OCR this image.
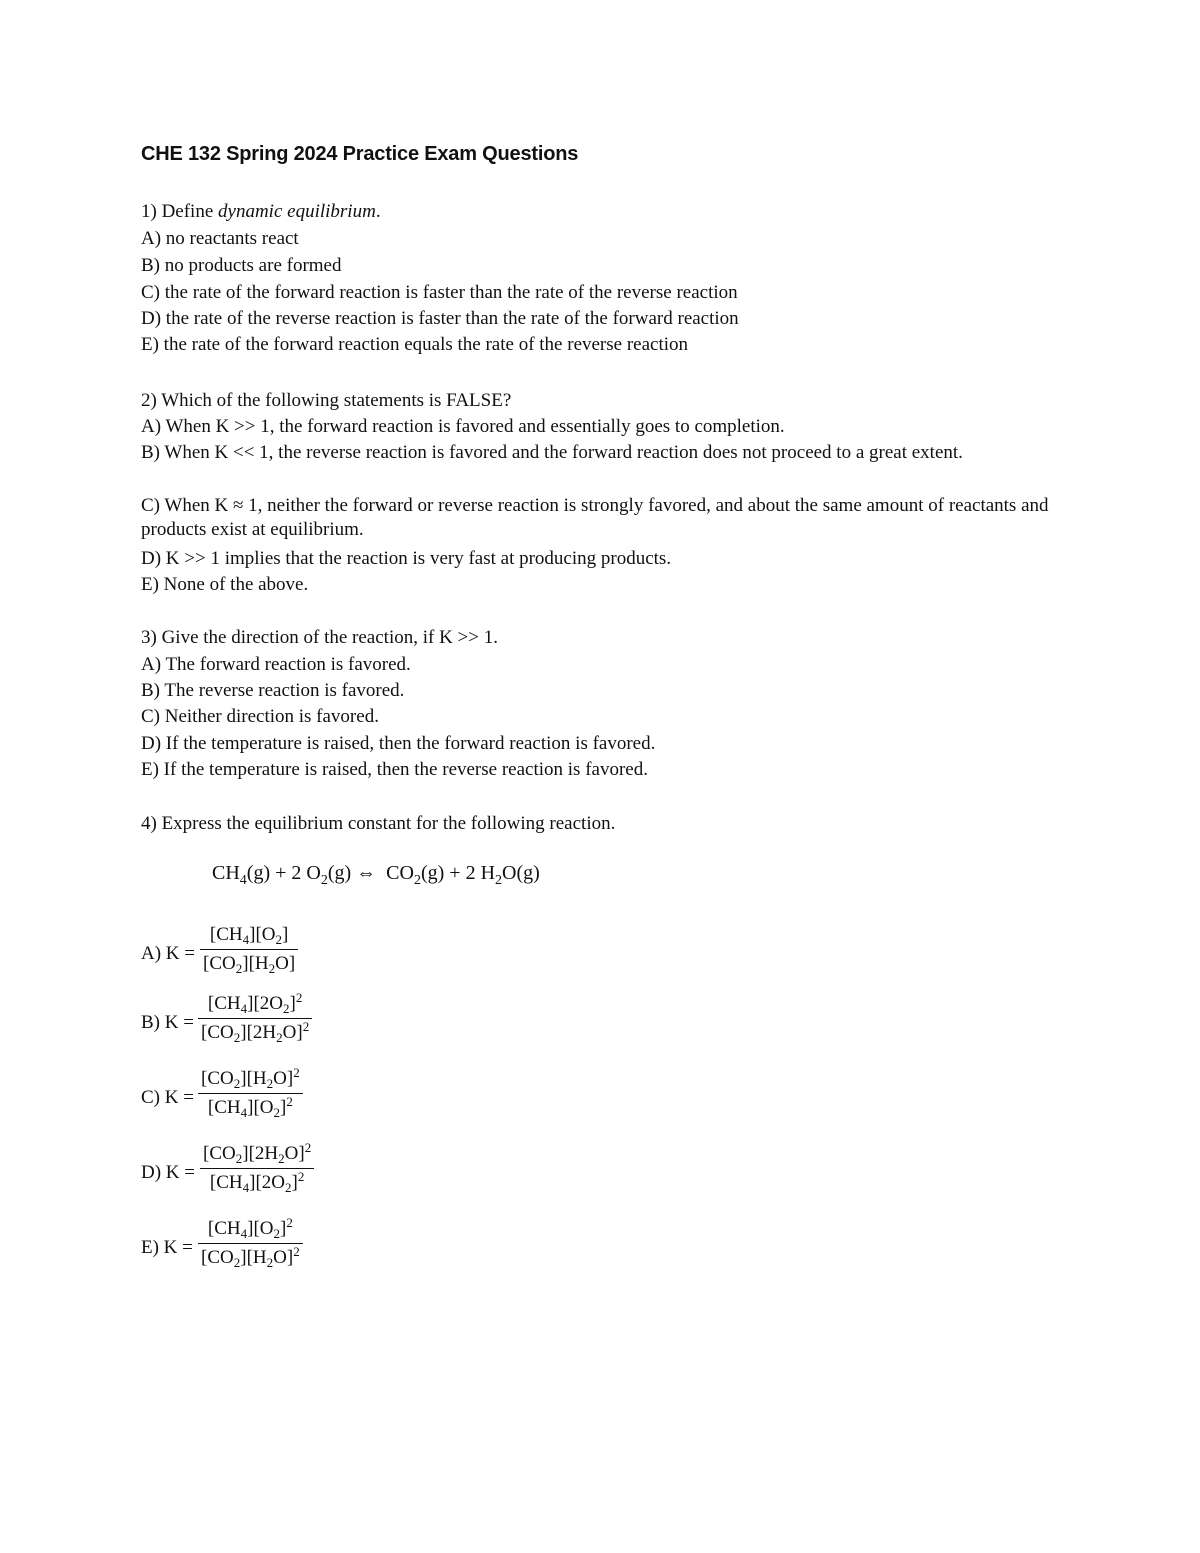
CHE 132 Spring 2024 Practice Exam Questions
1) Define dynamic equilibrium.
A) no reactants react
B) no products are formed
C) the rate of the forward reaction is faster than the rate of the reverse reaction
D) the rate of the reverse reaction is faster than the rate of the forward reaction
E) the rate of the forward reaction equals the rate of the reverse reaction
2) Which of the following statements is FALSE?
A) When K >> 1, the forward reaction is favored and essentially goes to completion.
B) When K << 1, the reverse reaction is favored and the forward reaction does not proceed to a great extent.
C) When K ≈ 1, neither the forward or reverse reaction is strongly favored, and about the same amount of reactants and products exist at equilibrium.
D) K >> 1 implies that the reaction is very fast at producing products.
E) None of the above.
3) Give the direction of the reaction, if K >> 1.
A) The forward reaction is favored.
B) The reverse reaction is favored.
C) Neither direction is favored.
D) If the temperature is raised, then the forward reaction is favored.
E) If the temperature is raised, then the reverse reaction is favored.
4) Express the equilibrium constant for the following reaction.
$CH_4(g) + 2$ $O_2(g)$ ⇔ $CO_2(g) + 2$ $H_2O(g)$
A) K =
$[CH_4][O_2]$
$[CO_2][H_2O]$
B) K =
$[CH_4][2O_2]^2$
$[CO_2][2H_2O]^2$
C) K =
$[CO_2][H_2O]^2$
$[CH_4][O_2]^2$
D) K =
$[CO_2][2H_2O]^2$
$[CH_4][2O_2]^2$
E) K =
$[CH_4][O_2]^2$
$[CO_2][H_2O]^2$
